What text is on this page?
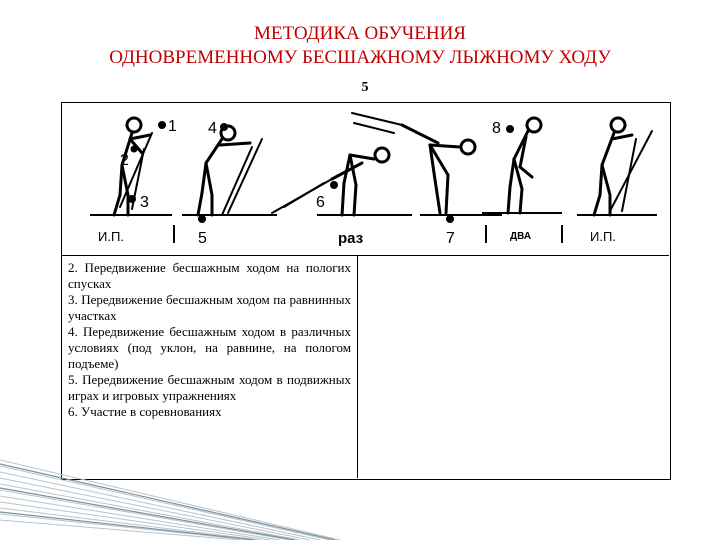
МЕТОДИКА ОБУЧЕНИЯ
ОДНОВРЕМЕННОМУ БЕСШАЖНОМУ ЛЫЖНОМУ ХОДУ
5
1
2
3
4
5
6
7
8
И.П.	раз	ДВА	И.П.

2. Передвижение бесшажным ходом на пологих спусках

3. Передвижение бесшажным ходом па равнинных участках

4. Передвижение бесшажным ходом в различных условиях (под уклон, на равнине, на пологом подъеме)

5. Передвижение бесшажным ходом в подвижных играх и игровых упражнениях

6. Участие в соревнованиях
